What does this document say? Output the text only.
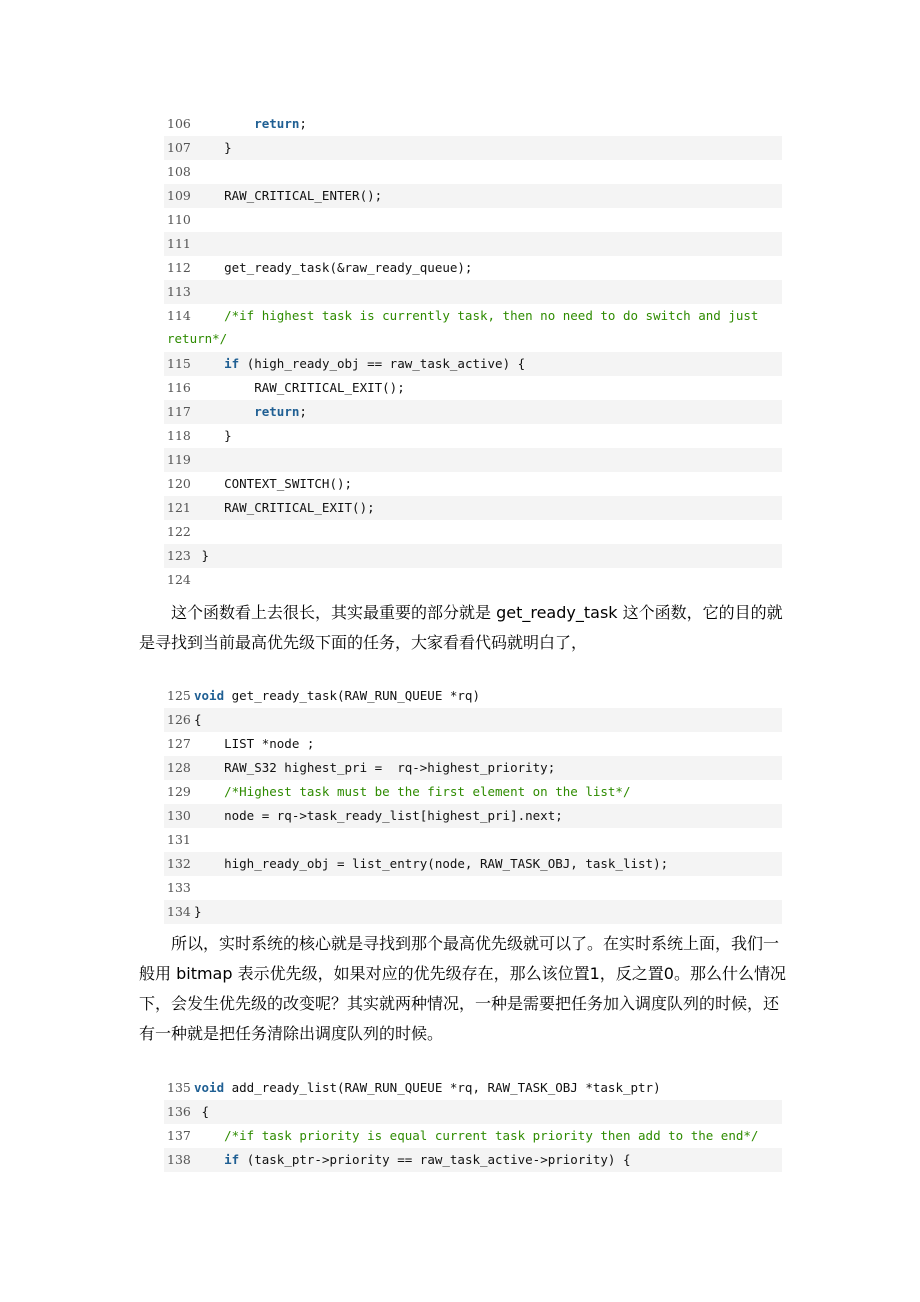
106	return;
107    }
108
109    RAW_CRITICAL_ENTER();
110
111
112    get_ready_task(&raw_ready_queue);
113
114    /*if highest task is currently task, then no need to do switch and just
return*/
115	if (high_ready_obj == raw_task_active) {
116        RAW_CRITICAL_EXIT();
117	return;
118    }
119
120    CONTEXT_SWITCH();
121    RAW_CRITICAL_EXIT();
122
123 }
124

这个函数看上去很长，其实最重要的部分就是 get_ready_task 这个函数，它的目的就是寻找到当前最高优先级下面的任务，大家看看代码就明白了，

125 void get_ready_task(RAW_RUN_QUEUE *rq)
126 {
127    LIST *node ;
128    RAW_S32 highest_pri =  rq->highest_priority;
129    /*Highest task must be the first element on the list*/
130    node = rq->task_ready_list[highest_pri].next;
131
132    high_ready_obj = list_entry(node, RAW_TASK_OBJ, task_list);
133
134 }

所以，实时系统的核心就是寻找到那个最高优先级就可以了。在实时系统上面，我们一般用 bitmap 表示优先级，如果对应的优先级存在，那么该位置1，反之置0。那么什么情况下，会发生优先级的改变呢？其实就两种情况，一种是需要把任务加入调度队列的时候，还有一种就是把任务清除出调度队列的时候。

135 void add_ready_list(RAW_RUN_QUEUE *rq, RAW_TASK_OBJ *task_ptr)
136 {
137    /*if task priority is equal current task priority then add to the end*/
138	if (task_ptr->priority == raw_task_active->priority) {
